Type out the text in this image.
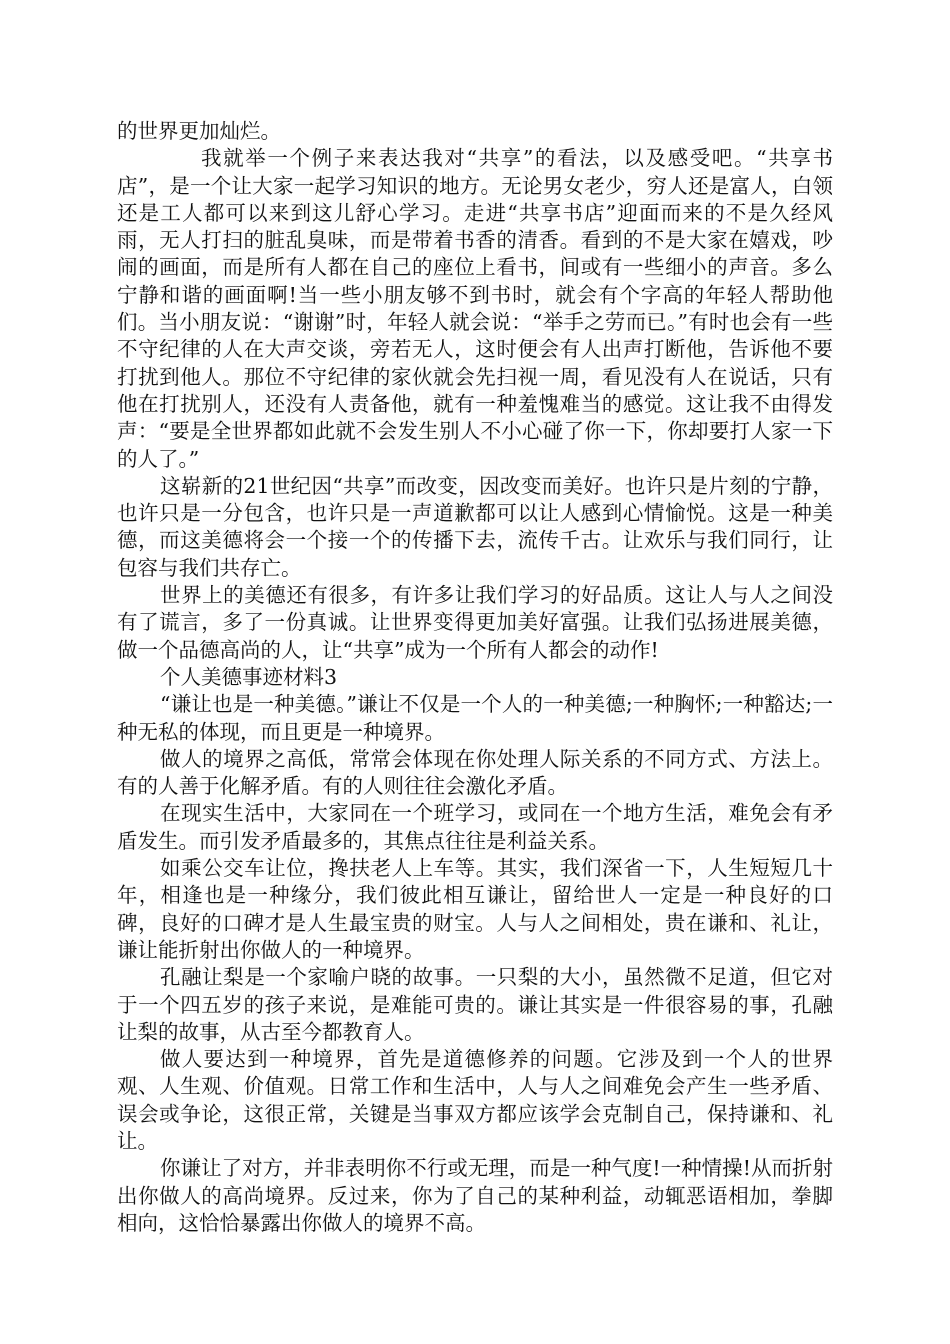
的世界更加灿烂。

我就举一个例子来表达我对“共享”的看法，以及感受吧。“共享书店”，是一个让大家一起学习知识的地方。无论男女老少，穷人还是富人，白领还是工人都可以来到这儿舒心学习。走进“共享书店”迎面而来的不是久经风雨，无人打扫的脏乱臭味，而是带着书香的清香。看到的不是大家在嬉戏，吵闹的画面，而是所有人都在自己的座位上看书，间或有一些细小的声音。多么宁静和谐的画面啊!当一些小朋友够不到书时，就会有个字高的年轻人帮助他们。当小朋友说：“谢谢”时，年轻人就会说：“举手之劳而已。”有时也会有一些不守纪律的人在大声交谈，旁若无人，这时便会有人出声打断他，告诉他不要打扰到他人。那位不守纪律的家伙就会先扫视一周，看见没有人在说话，只有他在打扰别人，还没有人责备他，就有一种羞愧难当的感觉。这让我不由得发声：“要是全世界都如此就不会发生别人不小心碰了你一下，你却要打人家一下的人了。”

这崭新的21世纪因“共享”而改变，因改变而美好。也许只是片刻的宁静，也许只是一分包含，也许只是一声道歉都可以让人感到心情愉悦。这是一种美德，而这美德将会一个接一个的传播下去，流传千古。让欢乐与我们同行，让包容与我们共存亡。

世界上的美德还有很多，有许多让我们学习的好品质。这让人与人之间没有了谎言，多了一份真诚。让世界变得更加美好富强。让我们弘扬进展美德，做一个品德高尚的人，让“共享”成为一个所有人都会的动作!

个人美德事迹材料3

“谦让也是一种美德。”谦让不仅是一个人的一种美德;一种胸怀;一种豁达;一种无私的体现，而且更是一种境界。

做人的境界之高低，常常会体现在你处理人际关系的不同方式、方法上。有的人善于化解矛盾。有的人则往往会激化矛盾。

在现实生活中，大家同在一个班学习，或同在一个地方生活，难免会有矛盾发生。而引发矛盾最多的，其焦点往往是利益关系。

如乘公交车让位，搀扶老人上车等。其实，我们深省一下，人生短短几十年，相逢也是一种缘分，我们彼此相互谦让，留给世人一定是一种良好的口碑，良好的口碑才是人生最宝贵的财宝。人与人之间相处，贵在谦和、礼让，谦让能折射出你做人的一种境界。

孔融让梨是一个家喻户晓的故事。一只梨的大小，虽然微不足道，但它对于一个四五岁的孩子来说，是难能可贵的。谦让其实是一件很容易的事，孔融让梨的故事，从古至今都教育人。

做人要达到一种境界，首先是道德修养的问题。它涉及到一个人的世界观、人生观、价值观。日常工作和生活中，人与人之间难免会产生一些矛盾、误会或争论，这很正常，关键是当事双方都应该学会克制自己，保持谦和、礼让。

你谦让了对方，并非表明你不行或无理，而是一种气度!一种情操!从而折射出你做人的高尚境界。反过来，你为了自己的某种利益，动辄恶语相加，拳脚相向，这恰恰暴露出你做人的境界不高。
